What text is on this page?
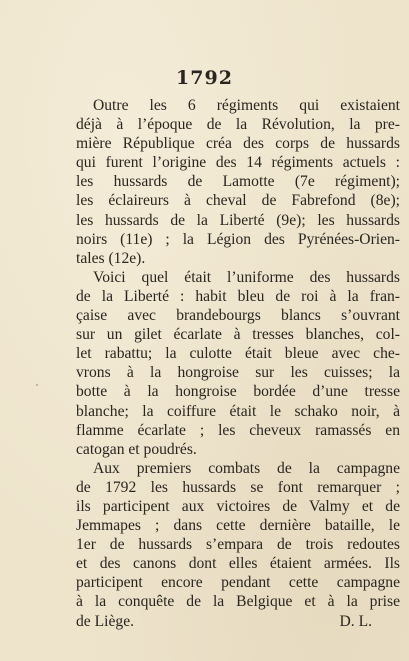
1792
Outre les 6 régiments qui existaient
déjà à l’époque de la Révolution, la pre-
mière République créa des corps de hussards
qui furent l’origine des 14 régiments actuels :
les hussards de Lamotte (7e régiment);
les éclaireurs à cheval de Fabrefond (8e);
les hussards de la Liberté (9e); les hussards
noirs (11e) ; la Légion des Pyrénées-Orien-
tales (12e).
Voici quel était l’uniforme des hussards
de la Liberté : habit bleu de roi à la fran-
çaise avec brandebourgs blancs s’ouvrant
sur un gilet écarlate à tresses blanches, col-
let rabattu; la culotte était bleue avec che-
vrons à la hongroise sur les cuisses; la
botte à la hongroise bordée d’une tresse
blanche; la coiffure était le schako noir, à
flamme écarlate ; les cheveux ramassés en
catogan et poudrés.
Aux premiers combats de la campagne
de 1792 les hussards se font remarquer ;
ils participent aux victoires de Valmy et de
Jemmapes ; dans cette dernière bataille, le
1er de hussards s’empara de trois redoutes
et des canons dont elles étaient armées. Ils
participent encore pendant cette campagne
à la conquête de la Belgique et à la prise
de Liège.	D. L.
